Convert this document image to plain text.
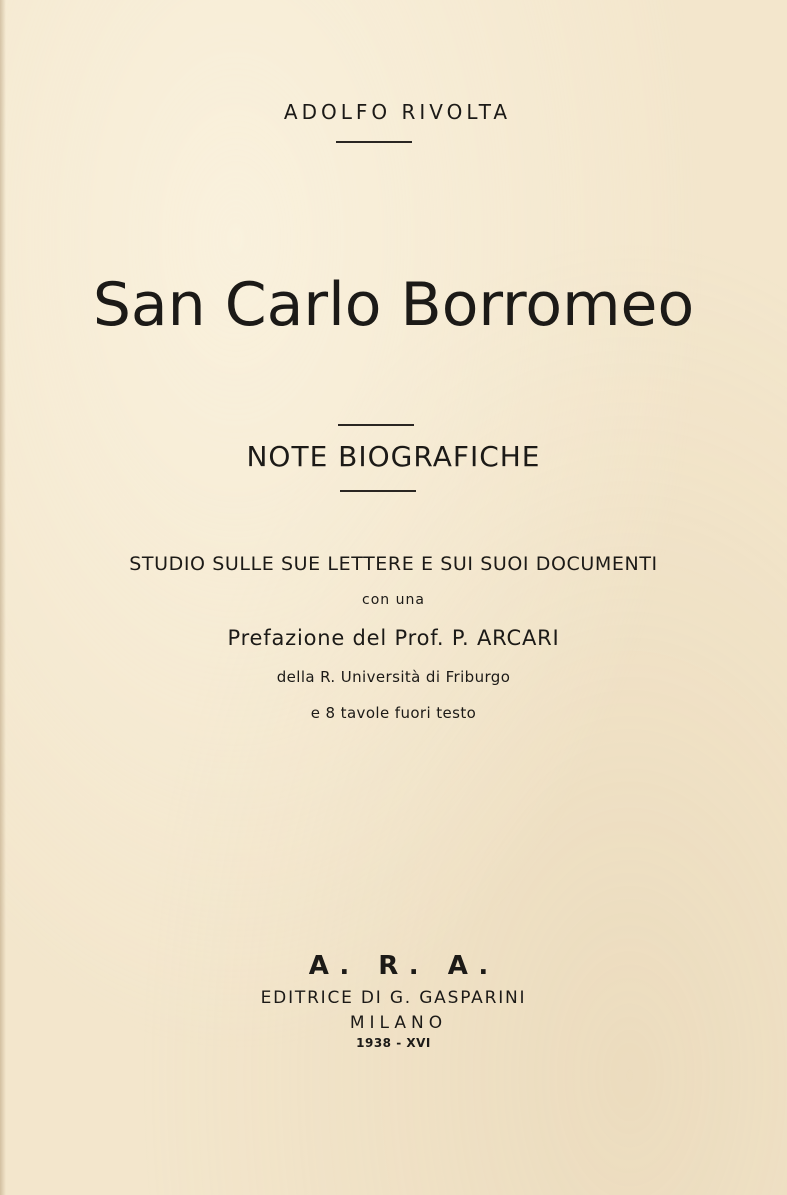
ADOLFO RIVOLTA

San Carlo Borromeo
NOTE BIOGRAFICHE

STUDIO SULLE SUE LETTERE E SUI SUOI DOCUMENTI

con una

Prefazione del Prof. P. ARCARI

della R. Università di Friburgo

e 8 tavole fuori testo

A. R. A.

EDITRICE DI G. GASPARINI

MILANO

1938 - XVI
